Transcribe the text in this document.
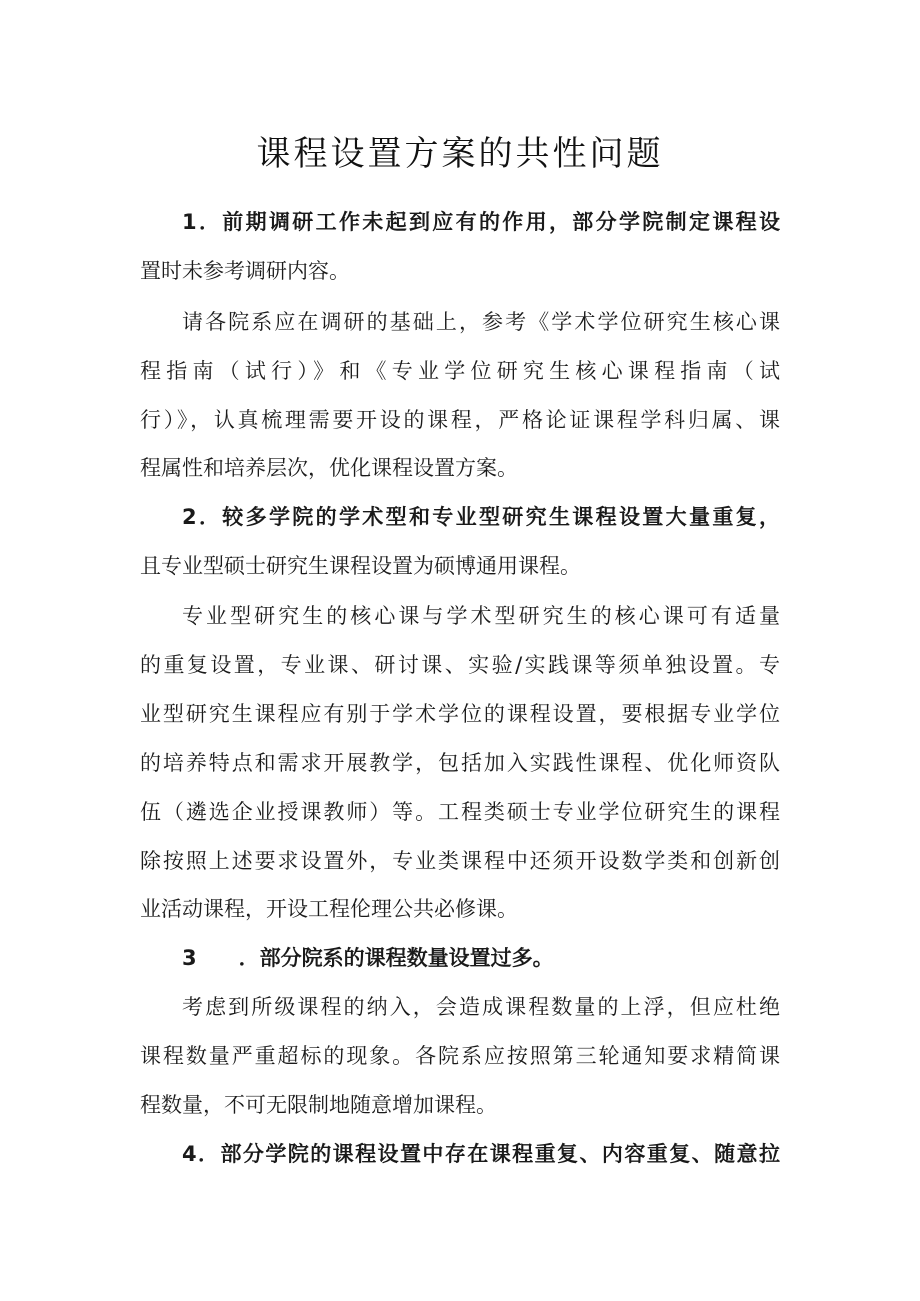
课程设置方案的共性问题
1．前期调研工作未起到应有的作用，部分学院制定课程设
置时未参考调研内容。
请各院系应在调研的基础上，参考《学术学位研究生核心课
程指南（试行）》和《专业学位研究生核心课程指南（试
行）》，认真梳理需要开设的课程，严格论证课程学科归属、课
程属性和培养层次，优化课程设置方案。
2．较多学院的学术型和专业型研究生课程设置大量重复，
且专业型硕士研究生课程设置为硕博通用课程。
专业型研究生的核心课与学术型研究生的核心课可有适量
的重复设置，专业课、研讨课、实验/实践课等须单独设置。专
业型研究生课程应有别于学术学位的课程设置，要根据专业学位
的培养特点和需求开展教学，包括加入实践性课程、优化师资队
伍（遴选企业授课教师）等。工程类硕士专业学位研究生的课程
除按照上述要求设置外，专业类课程中还须开设数学类和创新创
业活动课程，开设工程伦理公共必修课。
3　　．部分院系的课程数量设置过多。
考虑到所级课程的纳入，会造成课程数量的上浮，但应杜绝
课程数量严重超标的现象。各院系应按照第三轮通知要求精简课
程数量，不可无限制地随意增加课程。
4．部分学院的课程设置中存在课程重复、内容重复、随意拉
